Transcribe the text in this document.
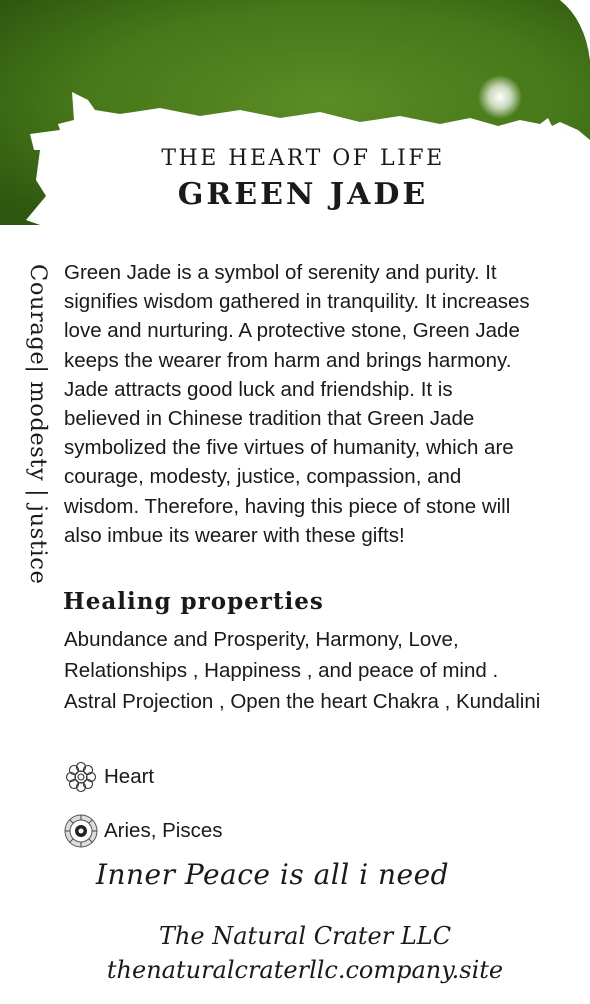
THE HEART OF LIFE
GREEN JADE
Courage| modesty | justice Green Jade is a symbol of serenity and purity. It signifies wisdom gathered in tranquility. It increases love and nurturing. A protective stone, Green Jade keeps the wearer from harm and brings harmony. Jade attracts good luck and friendship. It is believed in Chinese tradition that Green Jade symbolized the five virtues of humanity, which are courage, modesty, justice, compassion, and wisdom. Therefore, having this piece of stone will also imbue its wearer with these gifts!

Healing properties

Abundance and Prosperity, Harmony, Love, Relationships , Happiness , and peace of mind . Astral Projection , Open the heart Chakra , Kundalini

Heart
Aries, Pisces

Inner Peace is all i need

The Natural Crater LLC

thenaturalcraterllc.company.site
